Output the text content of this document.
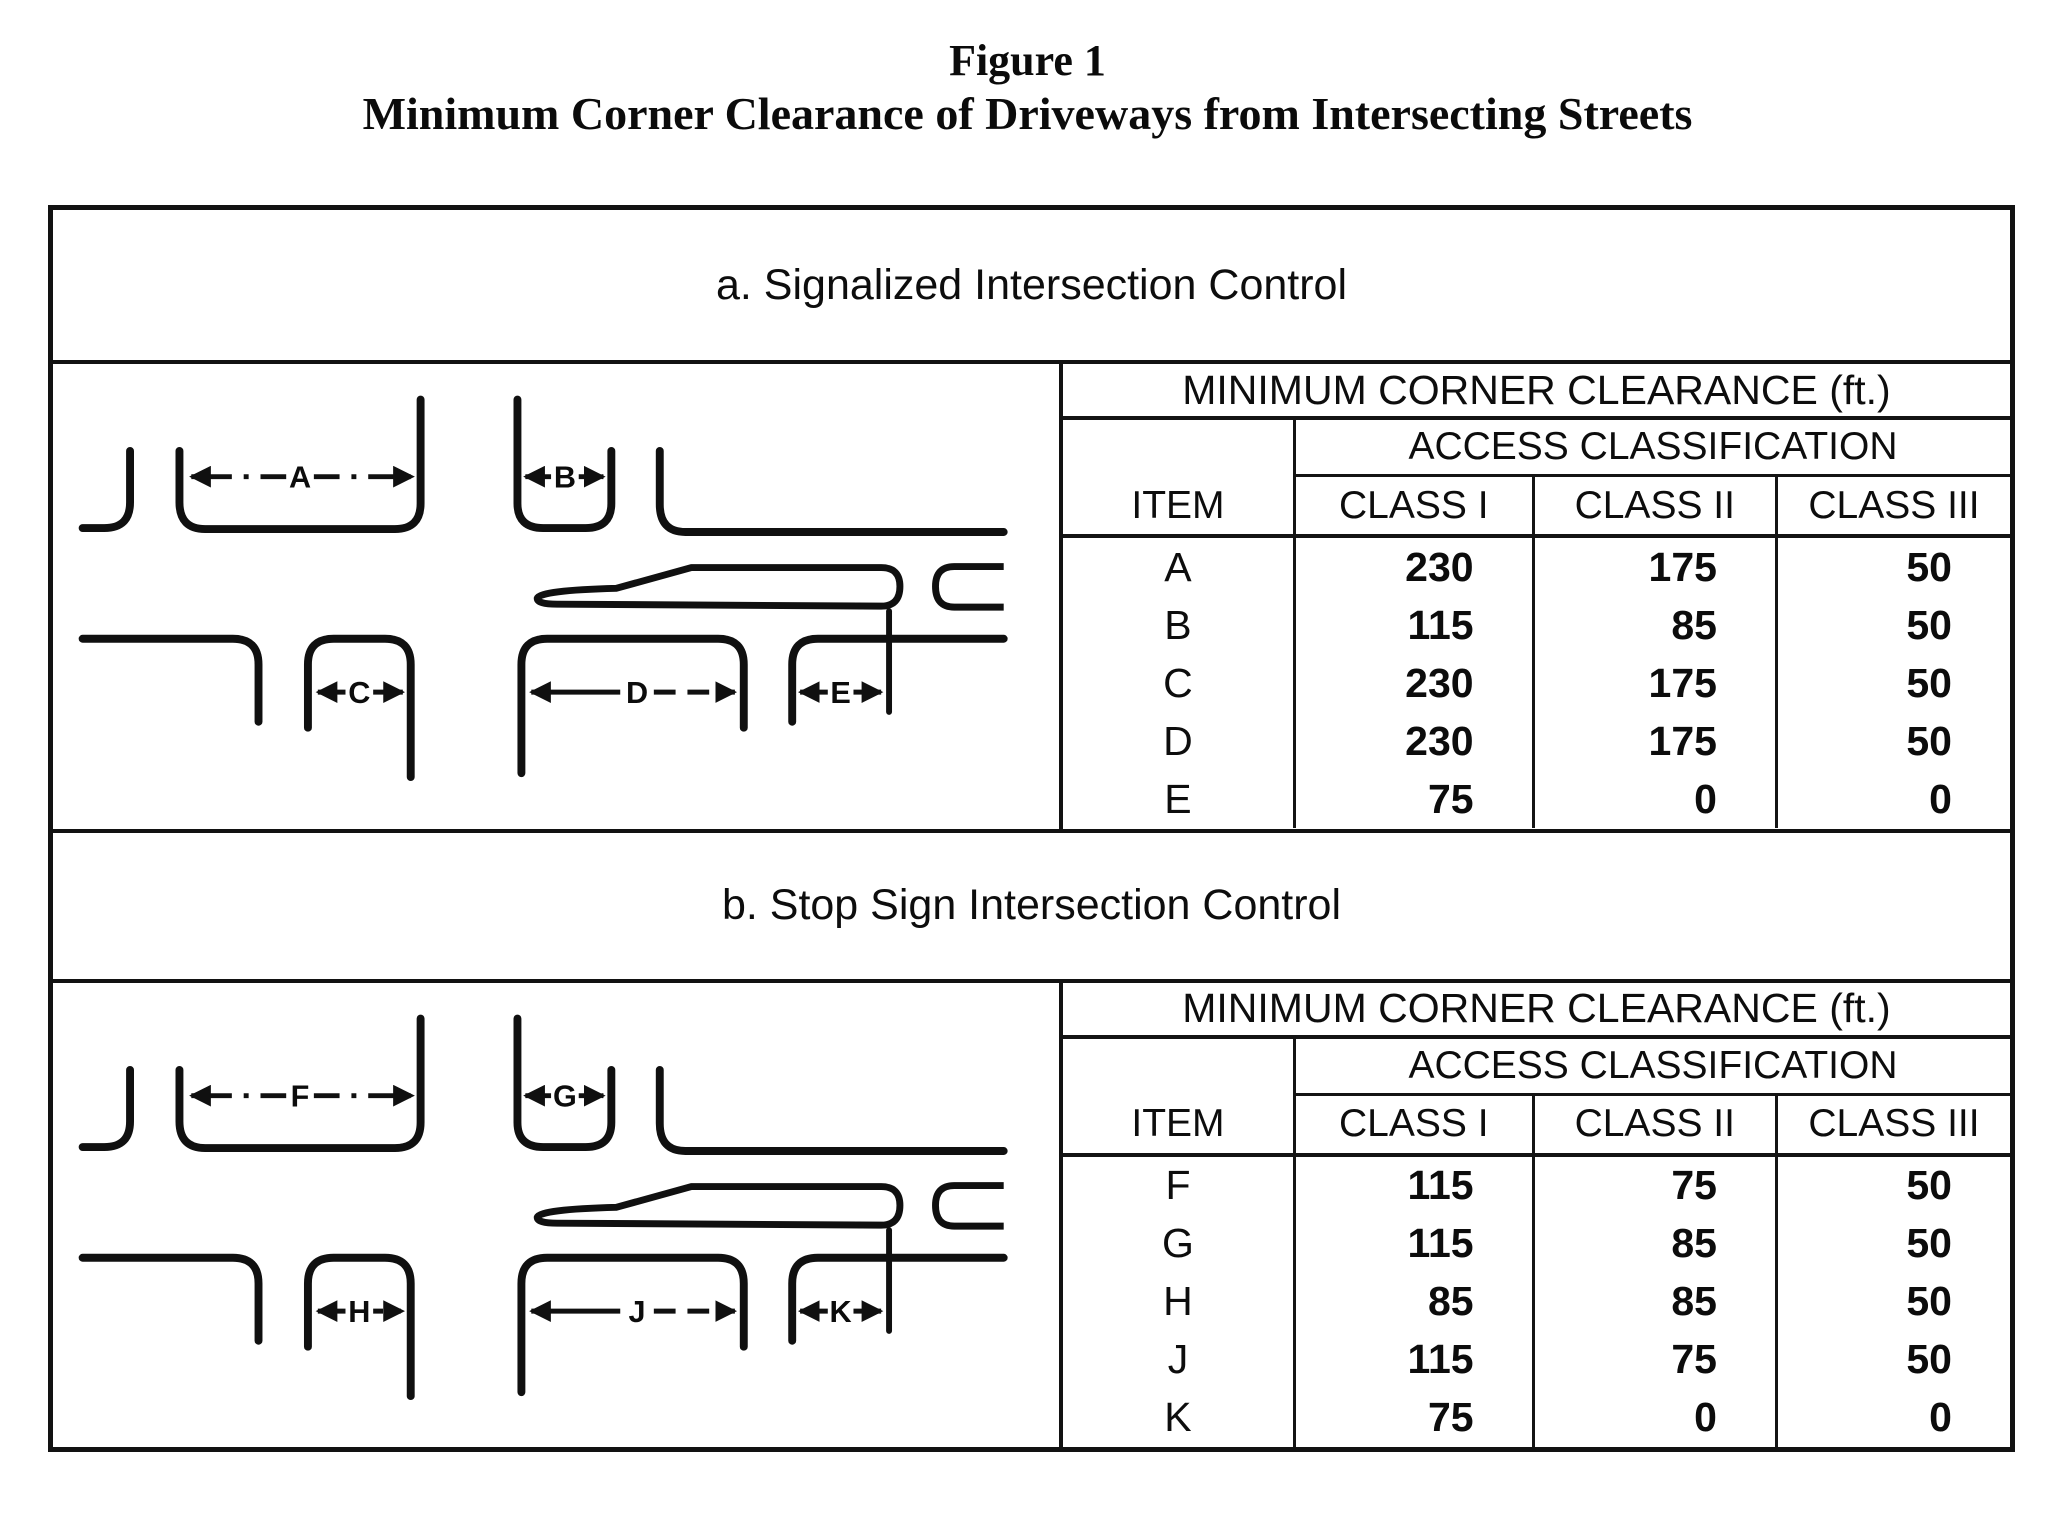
Figure 1
Minimum Corner Clearance of Driveways from Intersecting Streets
a. Signalized Intersection Control
A	B
C	D	E
MINIMUM CORNER CLEARANCE (ft.)
ACCESS CLASSIFICATION
ITEM	CLASS I	CLASS II	CLASS III
A	230	175	50
B	115	85	50
C	230	175	50
D	230	175	50
E	75	0	0
b. Stop Sign Intersection Control
F	G
H	J	K
MINIMUM CORNER CLEARANCE (ft.)
ACCESS CLASSIFICATION
ITEM	CLASS I	CLASS II	CLASS III
F	115	75	50
G	115	85	50
H	85	85	50
J	115	75	50
K	75	0	0
